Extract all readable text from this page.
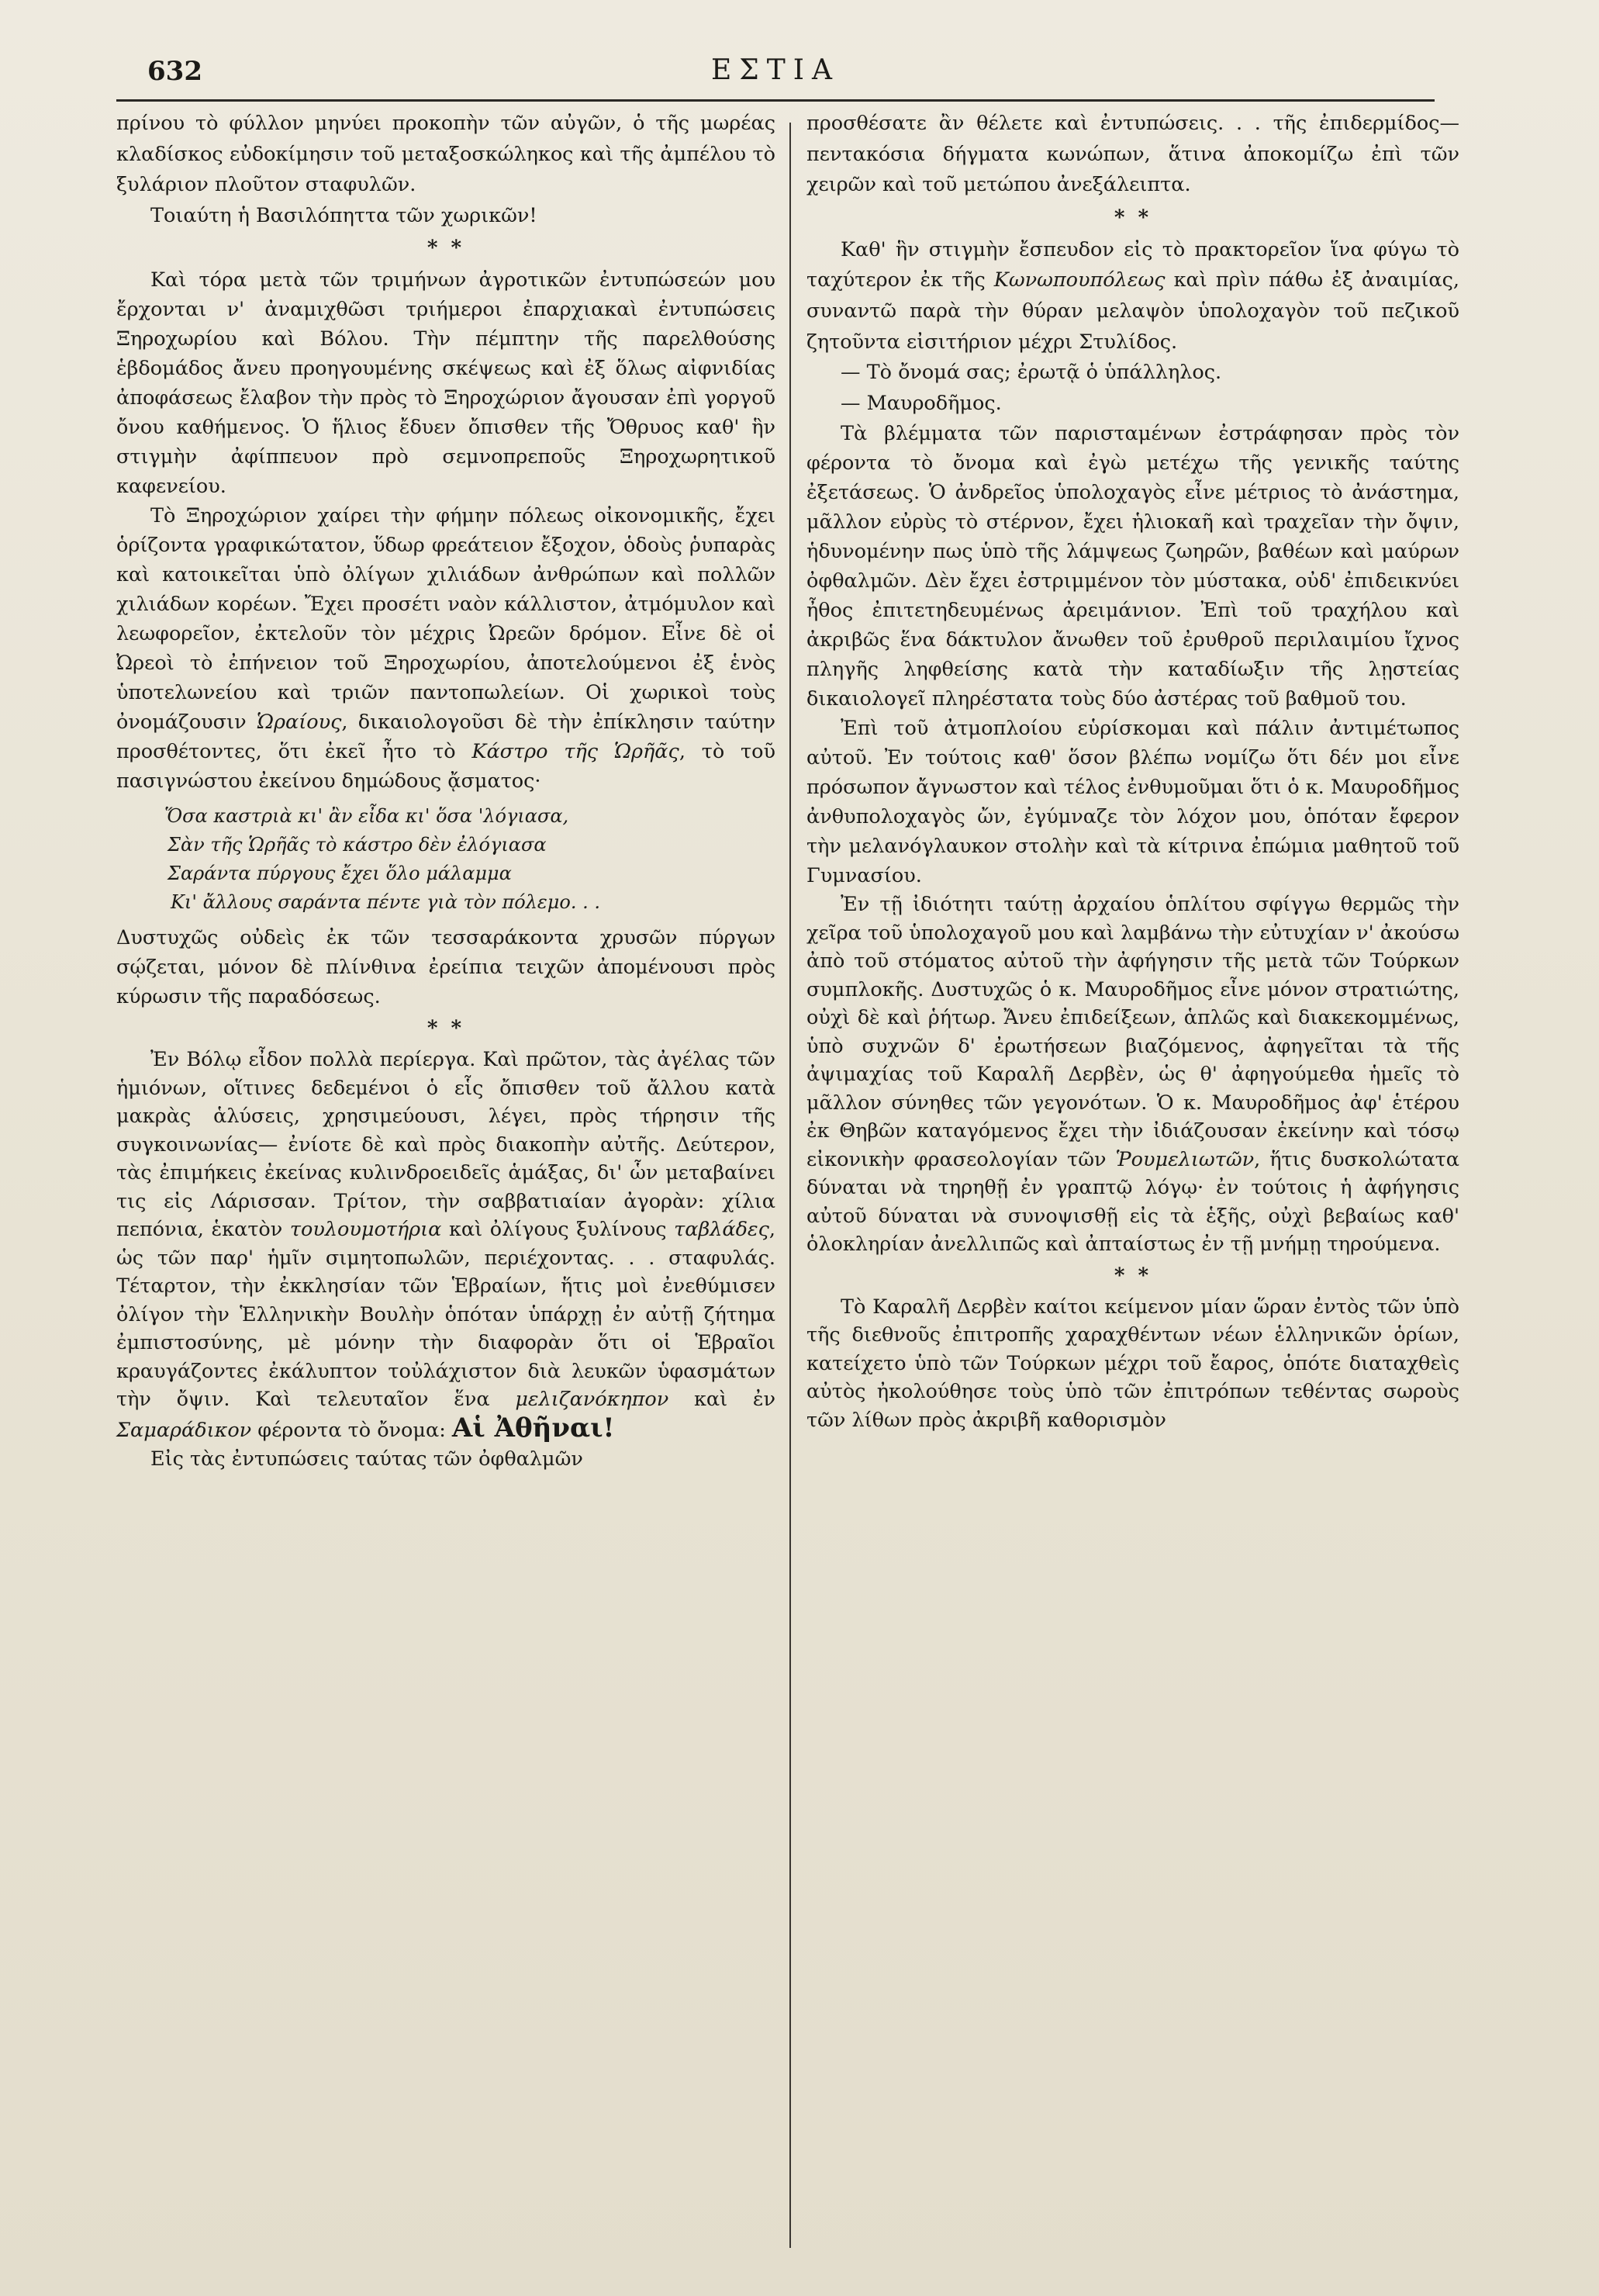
632	ΕΣΤΙΑ

πρίνου τὸ φύλλον μηνύει προκοπὴν τῶν αὐγῶν, ὁ τῆς μωρέας κλαδίσκος εὐδοκίμησιν τοῦ μεταξοσκώληκος καὶ τῆς ἀμπέλου τὸ ξυλάριον πλοῦτον σταφυλῶν.

Τοιαύτη ἡ Βασιλόπηττα τῶν χωρικῶν!

* *

Καὶ τόρα μετὰ τῶν τριμήνων ἀγροτικῶν ἐντυπώσεών μου ἔρχονται ν' ἀναμιχθῶσι τριήμεροι ἐπαρχιακαὶ ἐντυπώσεις Ξηροχωρίου καὶ Βόλου. Τὴν πέμπτην τῆς παρελθούσης ἑβδομάδος ἄνευ προηγουμένης σκέψεως καὶ ἐξ ὅλως αἰφνιδίας ἀποφάσεως ἔλαβον τὴν πρὸς τὸ Ξηροχώριον ἄγουσαν ἐπὶ γοργοῦ ὄνου καθήμενος. Ὁ ἥλιος ἔδυεν ὄπισθεν τῆς Ὄθρυος καθ' ἣν στιγμὴν ἀφίππευον πρὸ σεμνοπρεποῦς Ξηροχωρητικοῦ καφενείου.

Τὸ Ξηροχώριον χαίρει τὴν φήμην πόλεως οἰκονομικῆς, ἔχει ὁρίζοντα γραφικώτατον, ὕδωρ φρεάτειον ἔξοχον, ὁδοὺς ῥυπαρὰς καὶ κατοικεῖται ὑπὸ ὀλίγων χιλιάδων ἀνθρώπων καὶ πολλῶν χιλιάδων κορέων. Ἔχει προσέτι ναὸν κάλλιστον, ἀτμόμυλον καὶ λεωφορεῖον, ἐκτελοῦν τὸν μέχρις Ὠρεῶν δρόμον. Εἶνε δὲ οἱ Ὠρεοὶ τὸ ἐπήνειον τοῦ Ξηροχωρίου, ἀποτελούμενοι ἐξ ἑνὸς ὑποτελωνείου καὶ τριῶν παντοπωλείων. Οἱ χωρικοὶ τοὺς ὀνομάζουσιν Ὡραίους, δικαιολογοῦσι δὲ τὴν ἐπίκλησιν ταύτην προσθέτοντες, ὅτι ἐκεῖ ἦτο τὸ Κάστρο τῆς Ὡρῆᾶς, τὸ τοῦ πασιγνώστου ἐκείνου δημώδους ᾄσματος·

Ὅσα καστριὰ κι' ἂν εἶδα κι' ὅσα 'λόγιασα,
Σὰν τῆς Ὡρῆᾶς τὸ κάστρο δὲν ἐλόγιασα
Σαράντα πύργους ἔχει ὅλο μάλαμμα
Κι' ἄλλους σαράντα πέντε γιὰ τὸν πόλεμο. . .

Δυστυχῶς οὐδεὶς ἐκ τῶν τεσσαράκοντα χρυσῶν πύργων σῴζεται, μόνον δὲ πλίνθινα ἐρείπια τειχῶν ἀπομένουσι πρὸς κύρωσιν τῆς παραδόσεως.

* *

Ἐν Βόλῳ εἶδον πολλὰ περίεργα. Καὶ πρῶτον, τὰς ἀγέλας τῶν ἡμιόνων, οἵτινες δεδεμένοι ὁ εἷς ὄπισθεν τοῦ ἄλλου κατὰ μακρὰς ἁλύσεις, χρησιμεύουσι, λέγει, πρὸς τήρησιν τῆς συγκοινωνίας— ἐνίοτε δὲ καὶ πρὸς διακοπὴν αὐτῆς. Δεύτερον, τὰς ἐπιμήκεις ἐκείνας κυλινδροειδεῖς ἁμάξας, δι' ὧν μεταβαίνει τις εἰς Λάρισσαν. Τρίτον, τὴν σαββατιαίαν ἀγορὰν: χίλια πεπόνια, ἑκατὸν τουλουμοτήρια καὶ ὀλίγους ξυλίνους ταβλάδες, ὡς τῶν παρ' ἡμῖν σιμητοπωλῶν, περιέχοντας. . . σταφυλάς. Τέταρτον, τὴν ἐκκλησίαν τῶν Ἑβραίων, ἥτις μοὶ ἐνεθύμισεν ὀλίγον τὴν Ἑλληνικὴν Βουλὴν ὁπόταν ὑπάρχῃ ἐν αὐτῇ ζήτημα ἐμπιστοσύνης, μὲ μόνην τὴν διαφορὰν ὅτι οἱ Ἑβραῖοι κραυγάζοντες ἐκάλυπτον τοὐλάχιστον διὰ λευκῶν ὑφασμάτων τὴν ὄψιν. Καὶ τελευταῖον ἕνα μελιζανόκηπον καὶ ἐν Σαμαράδικον φέροντα τὸ ὄνομα: Αἱ Ἀθῆναι!

Εἰς τὰς ἐντυπώσεις ταύτας τῶν ὀφθαλμῶν

προσθέσατε ἂν θέλετε καὶ ἐντυπώσεις. . . τῆς ἐπιδερμίδος—πεντακόσια δήγματα κωνώπων, ἅτινα ἀποκομίζω ἐπὶ τῶν χειρῶν καὶ τοῦ μετώπου ἀνεξάλειπτα.

* *

Καθ' ἣν στιγμὴν ἔσπευδον εἰς τὸ πρακτορεῖον ἵνα φύγω τὸ ταχύτερον ἐκ τῆς Κωνωπουπόλεως καὶ πρὶν πάθω ἐξ ἀναιμίας, συναντῶ παρὰ τὴν θύραν μελαψὸν ὑπολοχαγὸν τοῦ πεζικοῦ ζητοῦντα εἰσιτήριον μέχρι Στυλίδος.

— Τὸ ὄνομά σας; ἐρωτᾷ ὁ ὑπάλληλος.

— Μαυροδῆμος.

Τὰ βλέμματα τῶν παρισταμένων ἐστράφησαν πρὸς τὸν φέροντα τὸ ὄνομα καὶ ἐγὼ μετέχω τῆς γενικῆς ταύτης ἐξετάσεως. Ὁ ἀνδρεῖος ὑπολοχαγὸς εἶνε μέτριος τὸ ἀνάστημα, μᾶλλον εὐρὺς τὸ στέρνον, ἔχει ἡλιοκαῆ καὶ τραχεῖαν τὴν ὄψιν, ἡδυνομένην πως ὑπὸ τῆς λάμψεως ζωηρῶν, βαθέων καὶ μαύρων ὀφθαλμῶν. Δὲν ἔχει ἐστριμμένον τὸν μύστακα, οὐδ' ἐπιδεικνύει ἦθος ἐπιτετηδευμένως ἀρειμάνιον. Ἐπὶ τοῦ τραχήλου καὶ ἀκριβῶς ἕνα δάκτυλον ἄνωθεν τοῦ ἐρυθροῦ περιλαιμίου ἴχνος πληγῆς ληφθείσης κατὰ τὴν καταδίωξιν τῆς λῃστείας δικαιολογεῖ πληρέστατα τοὺς δύο ἀστέρας τοῦ βαθμοῦ του.

Ἐπὶ τοῦ ἀτμοπλοίου εὑρίσκομαι καὶ πάλιν ἀντιμέτωπος αὐτοῦ. Ἐν τούτοις καθ' ὅσον βλέπω νομίζω ὅτι δέν μοι εἶνε πρόσωπον ἄγνωστον καὶ τέλος ἐνθυμοῦμαι ὅτι ὁ κ. Μαυροδῆμος ἀνθυπολοχαγὸς ὤν, ἐγύμναζε τὸν λόχον μου, ὁπόταν ἔφερον τὴν μελανόγλαυκον στολὴν καὶ τὰ κίτρινα ἐπώμια μαθητοῦ τοῦ Γυμνασίου.

Ἐν τῇ ἰδιότητι ταύτῃ ἀρχαίου ὁπλίτου σφίγγω θερμῶς τὴν χεῖρα τοῦ ὑπολοχαγοῦ μου καὶ λαμβάνω τὴν εὐτυχίαν ν' ἀκούσω ἀπὸ τοῦ στόματος αὐτοῦ τὴν ἀφήγησιν τῆς μετὰ τῶν Τούρκων συμπλοκῆς. Δυστυχῶς ὁ κ. Μαυροδῆμος εἶνε μόνον στρατιώτης, οὐχὶ δὲ καὶ ῥήτωρ. Ἄνευ ἐπιδείξεων, ἁπλῶς καὶ διακεκομμένως, ὑπὸ συχνῶν δ' ἐρωτήσεων βιαζόμενος, ἀφηγεῖται τὰ τῆς ἀψιμαχίας τοῦ Καραλῆ Δερβὲν, ὡς θ' ἀφηγούμεθα ἡμεῖς τὸ μᾶλλον σύνηθες τῶν γεγονότων. Ὁ κ. Μαυροδῆμος ἀφ' ἑτέρου ἐκ Θηβῶν καταγόμενος ἔχει τὴν ἰδιάζουσαν ἐκείνην καὶ τόσῳ εἰκονικὴν φρασεολογίαν τῶν Ῥουμελιωτῶν, ἥτις δυσκολώτατα δύναται νὰ τηρηθῇ ἐν γραπτῷ λόγῳ· ἐν τούτοις ἡ ἀφήγησις αὐτοῦ δύναται νὰ συνοψισθῇ εἰς τὰ ἑξῆς, οὐχὶ βεβαίως καθ' ὁλοκληρίαν ἀνελλιπῶς καὶ ἀπταίστως ἐν τῇ μνήμῃ τηρούμενα.

* *

Τὸ Καραλῆ Δερβὲν καίτοι κείμενον μίαν ὥραν ἐντὸς τῶν ὑπὸ τῆς διεθνοῦς ἐπιτροπῆς χαραχθέντων νέων ἑλληνικῶν ὁρίων, κατείχετο ὑπὸ τῶν Τούρκων μέχρι τοῦ ἔαρος, ὁπότε διαταχθεὶς αὐτὸς ἠκολούθησε τοὺς ὑπὸ τῶν ἐπιτρόπων τεθέντας σωροὺς τῶν λίθων πρὸς ἀκριβῆ καθορισμὸν
